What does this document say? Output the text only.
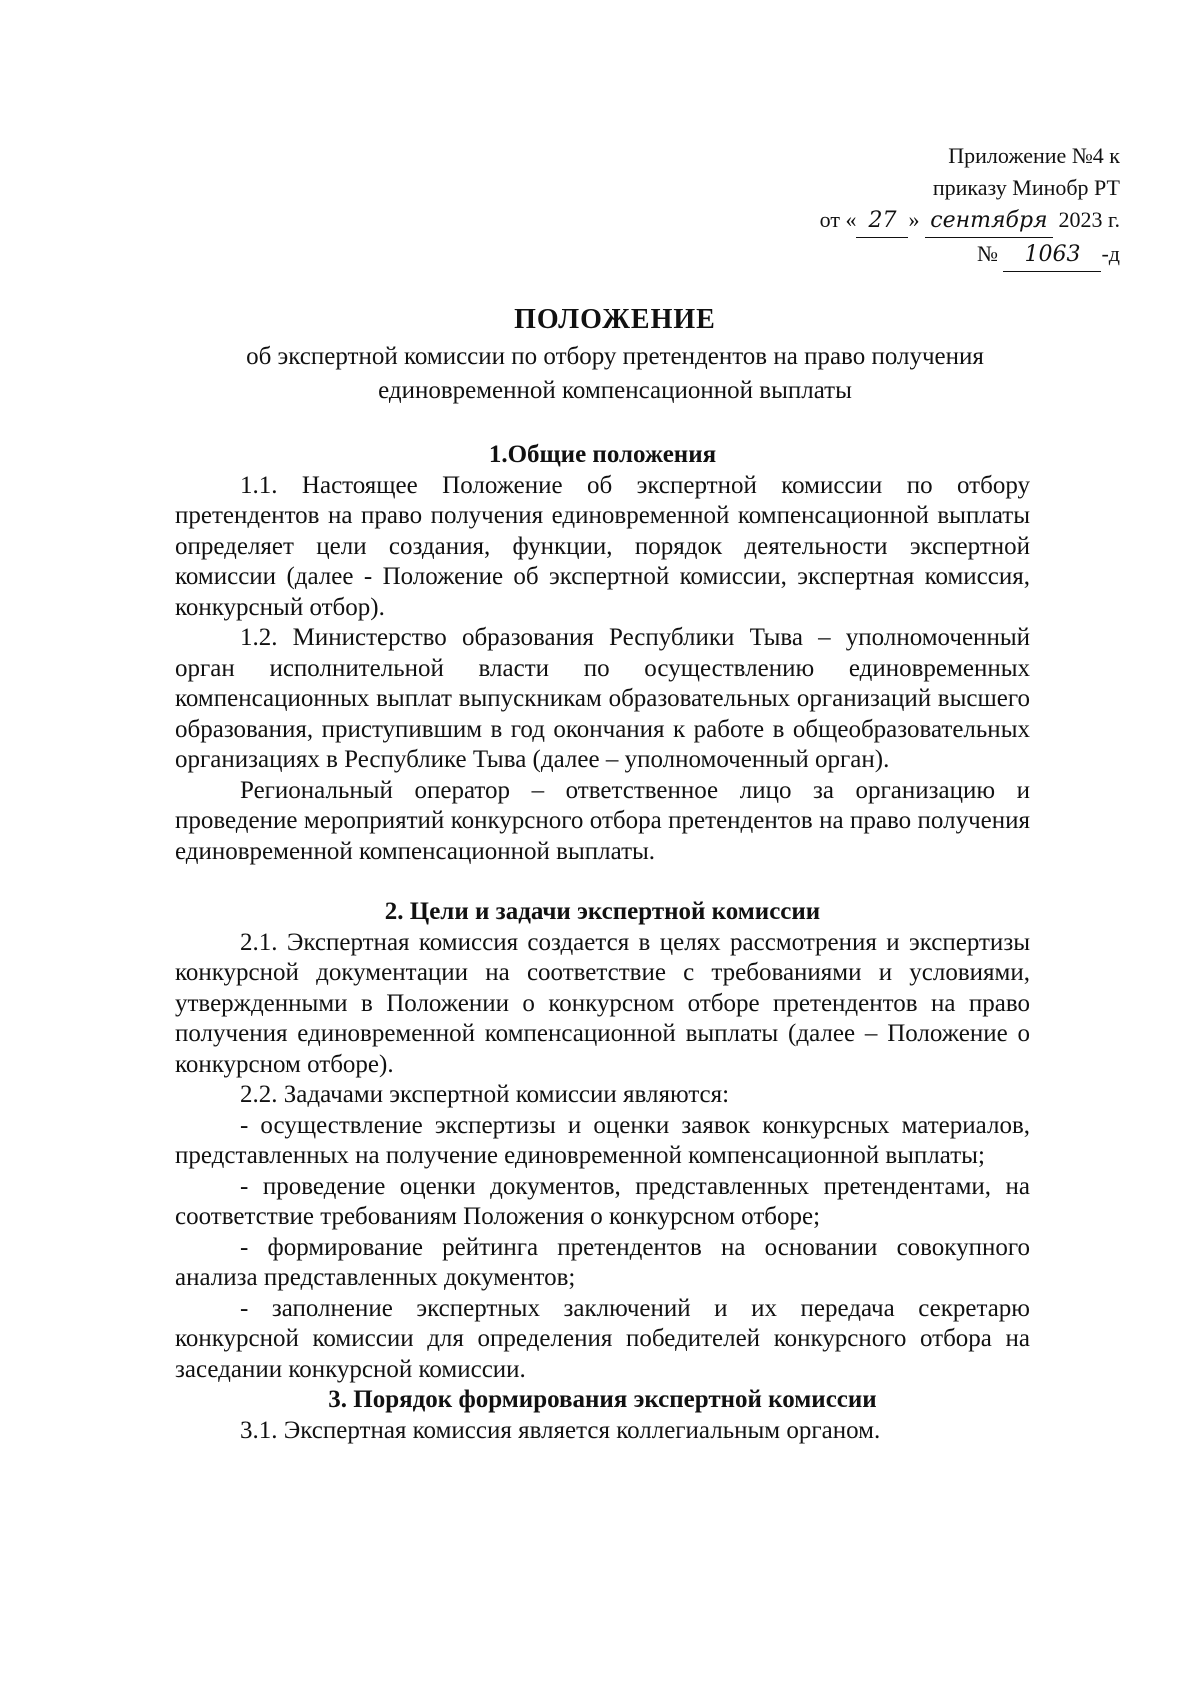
Приложение №4 к
приказу Минобр РТ
от « 27 » сентября 2023 г.
№ 1063 -д
ПОЛОЖЕНИЕ
об экспертной комиссии по отбору претендентов на право получения
единовременной компенсационной выплаты

1.Общие положения

1.1. Настоящее Положение об экспертной комиссии по отбору претендентов на право получения единовременной компенсационной выплаты определяет цели создания, функции, порядок деятельности экспертной комиссии (далее - Положение об экспертной комиссии, экспертная комиссия, конкурсный отбор).

1.2. Министерство образования Республики Тыва – уполномоченный орган исполнительной власти по осуществлению единовременных компенсационных выплат выпускникам образовательных организаций высшего образования, приступившим в год окончания к работе в общеобразовательных организациях в Республике Тыва (далее – уполномоченный орган).

Региональный оператор – ответственное лицо за организацию и проведение мероприятий конкурсного отбора претендентов на право получения единовременной компенсационной выплаты.

2. Цели и задачи экспертной комиссии

2.1. Экспертная комиссия создается в целях рассмотрения и экспертизы конкурсной документации на соответствие с требованиями и условиями, утвержденными в Положении о конкурсном отборе претендентов на право получения единовременной компенсационной выплаты (далее – Положение о конкурсном отборе).

2.2. Задачами экспертной комиссии являются:

- осуществление экспертизы и оценки заявок конкурсных материалов, представленных на получение единовременной компенсационной выплаты;

- проведение оценки документов, представленных претендентами, на соответствие требованиям Положения о конкурсном отборе;

- формирование рейтинга претендентов на основании совокупного анализа представленных документов;

- заполнение экспертных заключений и их передача секретарю конкурсной комиссии для определения победителей конкурсного отбора на заседании конкурсной комиссии.

3. Порядок формирования экспертной комиссии

3.1. Экспертная комиссия является коллегиальным органом.
